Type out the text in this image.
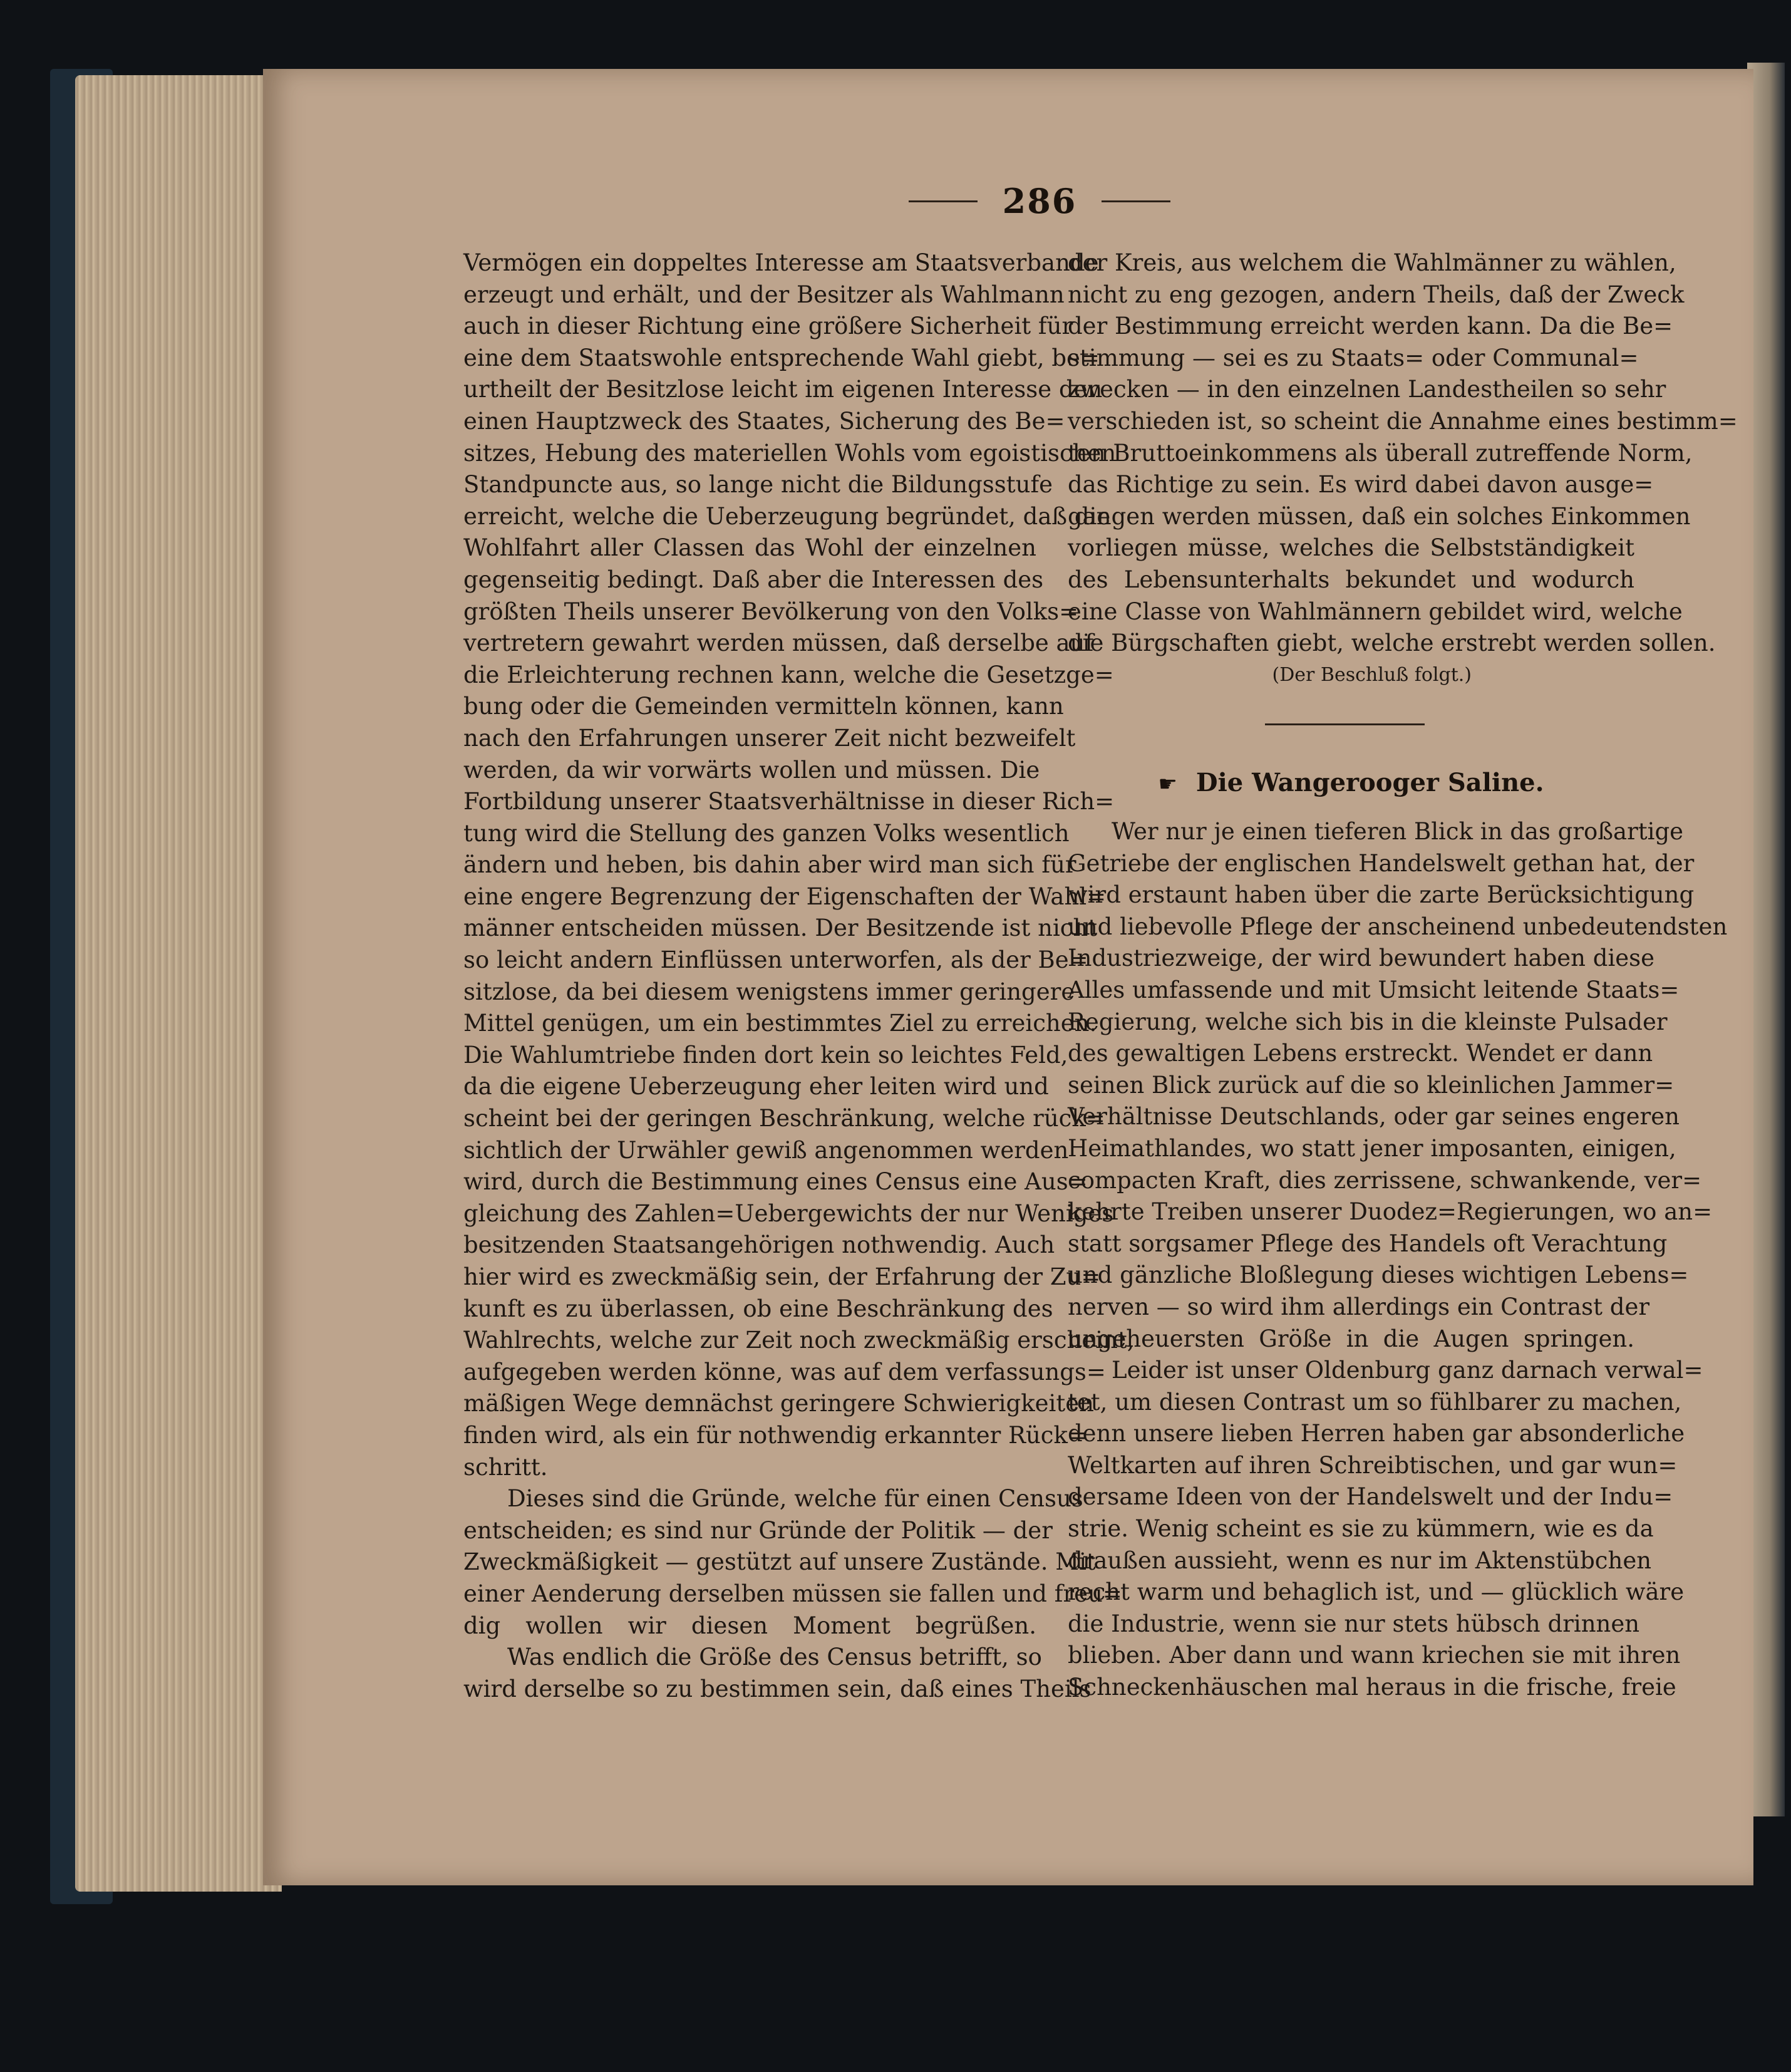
286
Vermögen ein doppeltes Interesse am Staatsverbande
erzeugt und erhält, und der Besitzer als Wahlmann
auch in dieser Richtung eine größere Sicherheit für
eine dem Staatswohle entsprechende Wahl giebt, be=
urtheilt der Besitzlose leicht im eigenen Interesse den
einen Hauptzweck des Staates, Sicherung des Be=
sitzes, Hebung des materiellen Wohls vom egoistischen
Standpuncte aus, so lange nicht die Bildungsstufe
erreicht, welche die Ueberzeugung begründet, daß die
Wohlfahrt aller Classen das Wohl der einzelnen
gegenseitig bedingt. Daß aber die Interessen des
größten Theils unserer Bevölkerung von den Volks=
vertretern gewahrt werden müssen, daß derselbe auf
die Erleichterung rechnen kann, welche die Gesetzge=
bung oder die Gemeinden vermitteln können, kann
nach den Erfahrungen unserer Zeit nicht bezweifelt
werden, da wir vorwärts wollen und müssen. Die
Fortbildung unserer Staatsverhältnisse in dieser Rich=
tung wird die Stellung des ganzen Volks wesentlich
ändern und heben, bis dahin aber wird man sich für
eine engere Begrenzung der Eigenschaften der Wahl=
männer entscheiden müssen. Der Besitzende ist nicht
so leicht andern Einflüssen unterworfen, als der Be=
sitzlose, da bei diesem wenigstens immer geringere
Mittel genügen, um ein bestimmtes Ziel zu erreichen.
Die Wahlumtriebe finden dort kein so leichtes Feld,
da die eigene Ueberzeugung eher leiten wird und
scheint bei der geringen Beschränkung, welche rück=
sichtlich der Urwähler gewiß angenommen werden
wird, durch die Bestimmung eines Census eine Aus=
gleichung des Zahlen=Uebergewichts der nur Weniges
besitzenden Staatsangehörigen nothwendig. Auch
hier wird es zweckmäßig sein, der Erfahrung der Zu=
kunft es zu überlassen, ob eine Beschränkung des
Wahlrechts, welche zur Zeit noch zweckmäßig erscheint,
aufgegeben werden könne, was auf dem verfassungs=
mäßigen Wege demnächst geringere Schwierigkeiten
finden wird, als ein für nothwendig erkannter Rück=
schritt.
Dieses sind die Gründe, welche für einen Census
entscheiden; es sind nur Gründe der Politik — der
Zweckmäßigkeit — gestützt auf unsere Zustände. Mit
einer Aenderung derselben müssen sie fallen und freu=
dig wollen wir diesen Moment begrüßen.
Was endlich die Größe des Census betrifft, so
wird derselbe so zu bestimmen sein, daß eines Theils
der Kreis, aus welchem die Wahlmänner zu wählen,
nicht zu eng gezogen, andern Theils, daß der Zweck
der Bestimmung erreicht werden kann. Da die Be=
stimmung — sei es zu Staats= oder Communal=
zwecken — in den einzelnen Landestheilen so sehr
verschieden ist, so scheint die Annahme eines bestimm=
ten Bruttoeinkommens als überall zutreffende Norm,
das Richtige zu sein. Es wird dabei davon ausge=
gangen werden müssen, daß ein solches Einkommen
vorliegen müsse, welches die Selbstständigkeit
des Lebensunterhalts bekundet und wodurch
eine Classe von Wahlmännern gebildet wird, welche
die Bürgschaften giebt, welche erstrebt werden sollen.
(Der Beschluß folgt.)
☛ Die Wangerooger Saline.
Wer nur je einen tieferen Blick in das großartige
Getriebe der englischen Handelswelt gethan hat, der
wird erstaunt haben über die zarte Berücksichtigung
und liebevolle Pflege der anscheinend unbedeutendsten
Industriezweige, der wird bewundert haben diese
Alles umfassende und mit Umsicht leitende Staats=
Regierung, welche sich bis in die kleinste Pulsader
des gewaltigen Lebens erstreckt. Wendet er dann
seinen Blick zurück auf die so kleinlichen Jammer=
Verhältnisse Deutschlands, oder gar seines engeren
Heimathlandes, wo statt jener imposanten, einigen,
compacten Kraft, dies zerrissene, schwankende, ver=
kehrte Treiben unserer Duodez=Regierungen, wo an=
statt sorgsamer Pflege des Handels oft Verachtung
und gänzliche Bloßlegung dieses wichtigen Lebens=
nerven — so wird ihm allerdings ein Contrast der
ungeheuersten Größe in die Augen springen.
Leider ist unser Oldenburg ganz darnach verwal=
tet, um diesen Contrast um so fühlbarer zu machen,
denn unsere lieben Herren haben gar absonderliche
Weltkarten auf ihren Schreibtischen, und gar wun=
dersame Ideen von der Handelswelt und der Indu=
strie. Wenig scheint es sie zu kümmern, wie es da
draußen aussieht, wenn es nur im Aktenstübchen
recht warm und behaglich ist, und — glücklich wäre
die Industrie, wenn sie nur stets hübsch drinnen
blieben. Aber dann und wann kriechen sie mit ihren
Schneckenhäuschen mal heraus in die frische, freie
